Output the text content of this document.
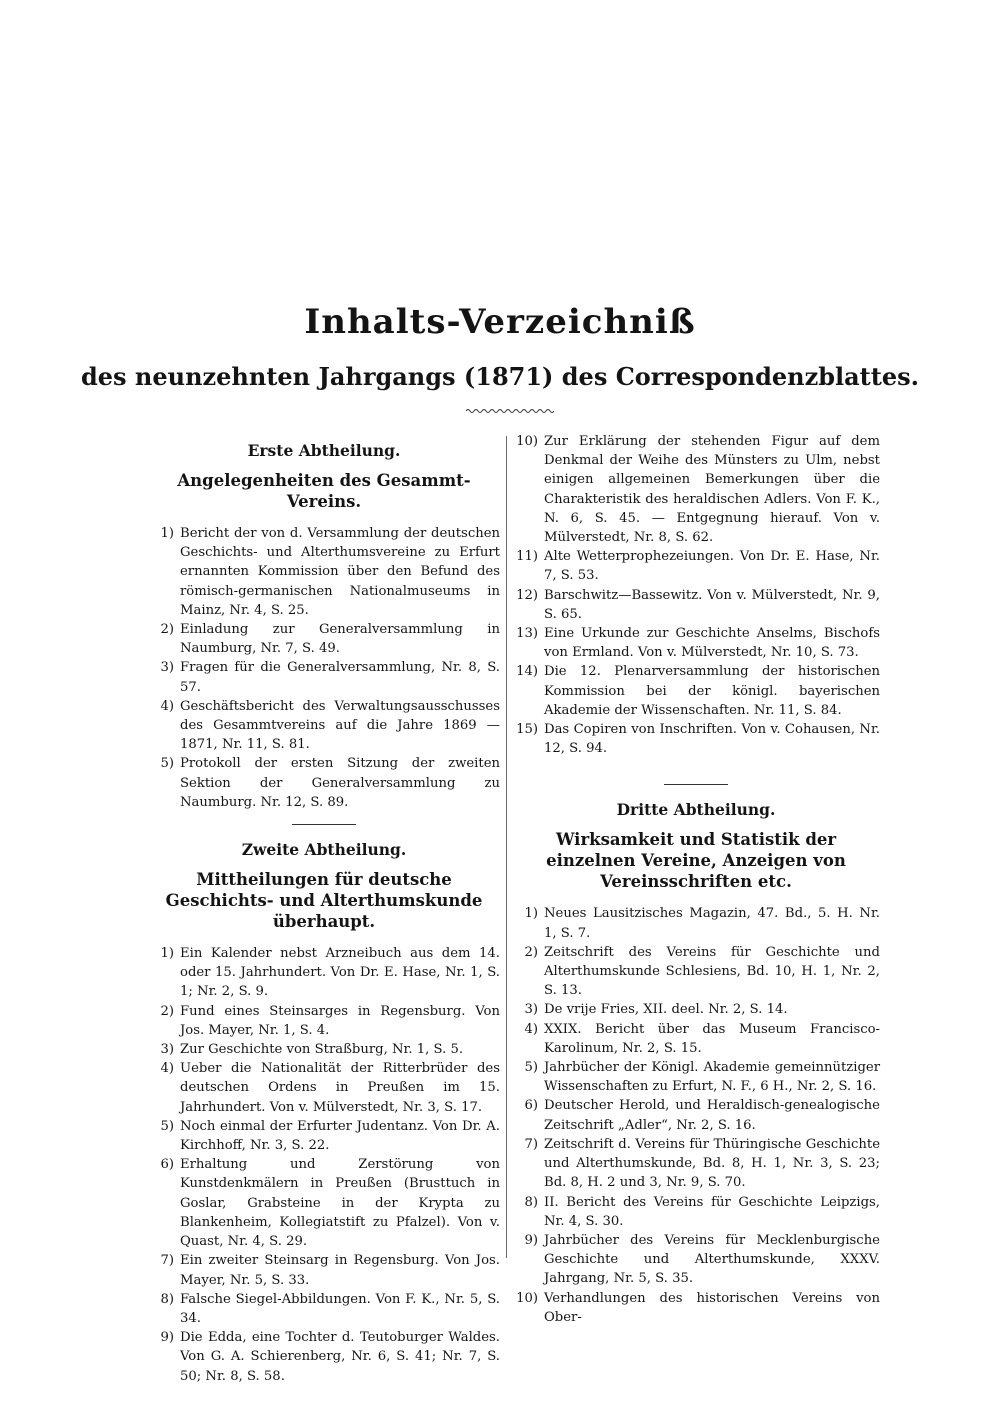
Inhalts-Verzeichniß
des neunzehnten Jahrgangs (1871) des Correspondenzblattes.
Erste Abtheilung.
Angelegenheiten des Gesammt-Vereins.
1) Bericht der von d. Versammlung der deutschen Geschichts- und Alterthumsvereine zu Erfurt ernannten Kommission über den Befund des römisch-germanischen Nationalmuseums in Mainz, Nr. 4, S. 25.
2) Einladung zur Generalversammlung in Naumburg, Nr. 7, S. 49.
3) Fragen für die Generalversammlung, Nr. 8, S. 57.
4) Geschäftsbericht des Verwaltungsausschusses des Gesammtvereins auf die Jahre 1869 — 1871, Nr. 11, S. 81.
5) Protokoll der ersten Sitzung der zweiten Sektion der Generalversammlung zu Naumburg. Nr. 12, S. 89.
Zweite Abtheilung.
Mittheilungen für deutsche Geschichts- und Alterthumskunde überhaupt.
1) Ein Kalender nebst Arzneibuch aus dem 14. oder 15. Jahrhundert. Von Dr. E. Hase, Nr. 1, S. 1; Nr. 2, S. 9.
2) Fund eines Steinsarges in Regensburg. Von Jos. Mayer, Nr. 1, S. 4.
3) Zur Geschichte von Straßburg, Nr. 1, S. 5.
4) Ueber die Nationalität der Ritterbrüder des deutschen Ordens in Preußen im 15. Jahrhundert. Von v. Mülverstedt, Nr. 3, S. 17.
5) Noch einmal der Erfurter Judentanz. Von Dr. A. Kirchhoff, Nr. 3, S. 22.
6) Erhaltung und Zerstörung von Kunstdenkmälern in Preußen (Brusttuch in Goslar, Grabsteine in der Krypta zu Blankenheim, Kollegiatstift zu Pfalzel). Von v. Quast, Nr. 4, S. 29.
7) Ein zweiter Steinsarg in Regensburg. Von Jos. Mayer, Nr. 5, S. 33.
8) Falsche Siegel-Abbildungen. Von F. K., Nr. 5, S. 34.
9) Die Edda, eine Tochter d. Teutoburger Waldes. Von G. A. Schierenberg, Nr. 6, S. 41; Nr. 7, S. 50; Nr. 8, S. 58.
10) Zur Erklärung der stehenden Figur auf dem Denkmal der Weihe des Münsters zu Ulm, nebst einigen allgemeinen Bemerkungen über die Charakteristik des heraldischen Adlers. Von F. K., N. 6, S. 45. — Entgegnung hierauf. Von v. Mülverstedt, Nr. 8, S. 62.
11) Alte Wetterprophezeiungen. Von Dr. E. Hase, Nr. 7, S. 53.
12) Barschwitz—Bassewitz. Von v. Mülverstedt, Nr. 9, S. 65.
13) Eine Urkunde zur Geschichte Anselms, Bischofs von Ermland. Von v. Mülverstedt, Nr. 10, S. 73.
14) Die 12. Plenarversammlung der historischen Kommission bei der königl. bayerischen Akademie der Wissenschaften. Nr. 11, S. 84.
15) Das Copiren von Inschriften. Von v. Cohausen, Nr. 12, S. 94.
Dritte Abtheilung.
Wirksamkeit und Statistik der einzelnen Vereine, Anzeigen von Vereinsschriften etc.
1) Neues Lausitzisches Magazin, 47. Bd., 5. H. Nr. 1, S. 7.
2) Zeitschrift des Vereins für Geschichte und Alterthumskunde Schlesiens, Bd. 10, H. 1, Nr. 2, S. 13.
3) De vrije Fries, XII. deel. Nr. 2, S. 14.
4) XXIX. Bericht über das Museum Francisco-Karolinum, Nr. 2, S. 15.
5) Jahrbücher der Königl. Akademie gemeinnütziger Wissenschaften zu Erfurt, N. F., 6 H., Nr. 2, S. 16.
6) Deutscher Herold, und Heraldisch-genealogische Zeitschrift „Adler“, Nr. 2, S. 16.
7) Zeitschrift d. Vereins für Thüringische Geschichte und Alterthumskunde, Bd. 8, H. 1, Nr. 3, S. 23; Bd. 8, H. 2 und 3, Nr. 9, S. 70.
8) II. Bericht des Vereins für Geschichte Leipzigs, Nr. 4, S. 30.
9) Jahrbücher des Vereins für Mecklenburgische Geschichte und Alterthumskunde, XXXV. Jahrgang, Nr. 5, S. 35.
10) Verhandlungen des historischen Vereins von Ober-
